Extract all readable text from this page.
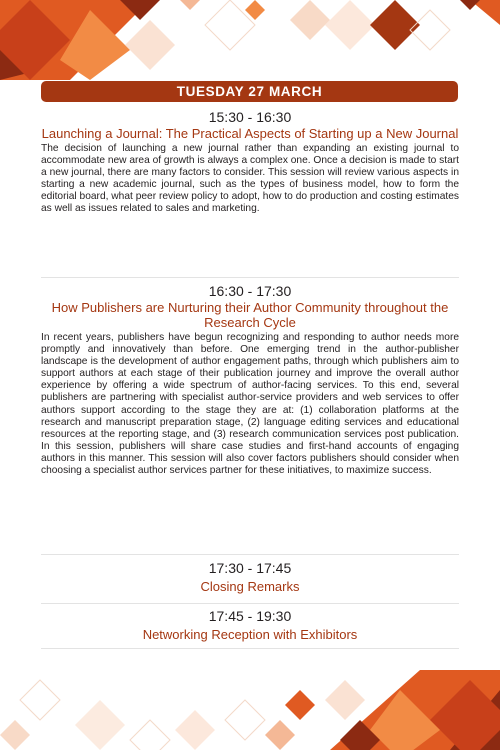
TUESDAY 27 MARCH
15:30 - 16:30
Launching a Journal: The Practical Aspects of Starting up a New Journal
The decision of launching a new journal rather than expanding an existing journal to accommodate new area of growth is always a complex one. Once a decision is made to start a new journal, there are many factors to consider. This session will review various aspects in starting a new academic journal, such as the types of business model, how to form the editorial board, what peer review policy to adopt, how to do production and costing estimates as well as issues related to sales and marketing.
16:30 - 17:30
How Publishers are Nurturing their Author Community throughout the Research Cycle
In recent years, publishers have begun recognizing and responding to author needs more promptly and innovatively than before. One emerging trend in the author-publisher landscape is the development of author engagement paths, through which publishers aim to support authors at each stage of their publication journey and improve the overall author experience by offering a wide spectrum of author-facing services. To this end, several publishers are partnering with specialist author-service providers and web services to offer authors support according to the stage they are at: (1) collaboration platforms at the research and manuscript preparation stage, (2) language editing services and educational resources at the reporting stage, and (3) research communication services post publication. In this session, publishers will share case studies and first-hand accounts of engaging authors in this manner. This session will also cover factors publishers should consider when choosing a specialist author services partner for these initiatives, to maximize success.
17:30 - 17:45
Closing Remarks
17:45 - 19:30
Networking Reception with Exhibitors
